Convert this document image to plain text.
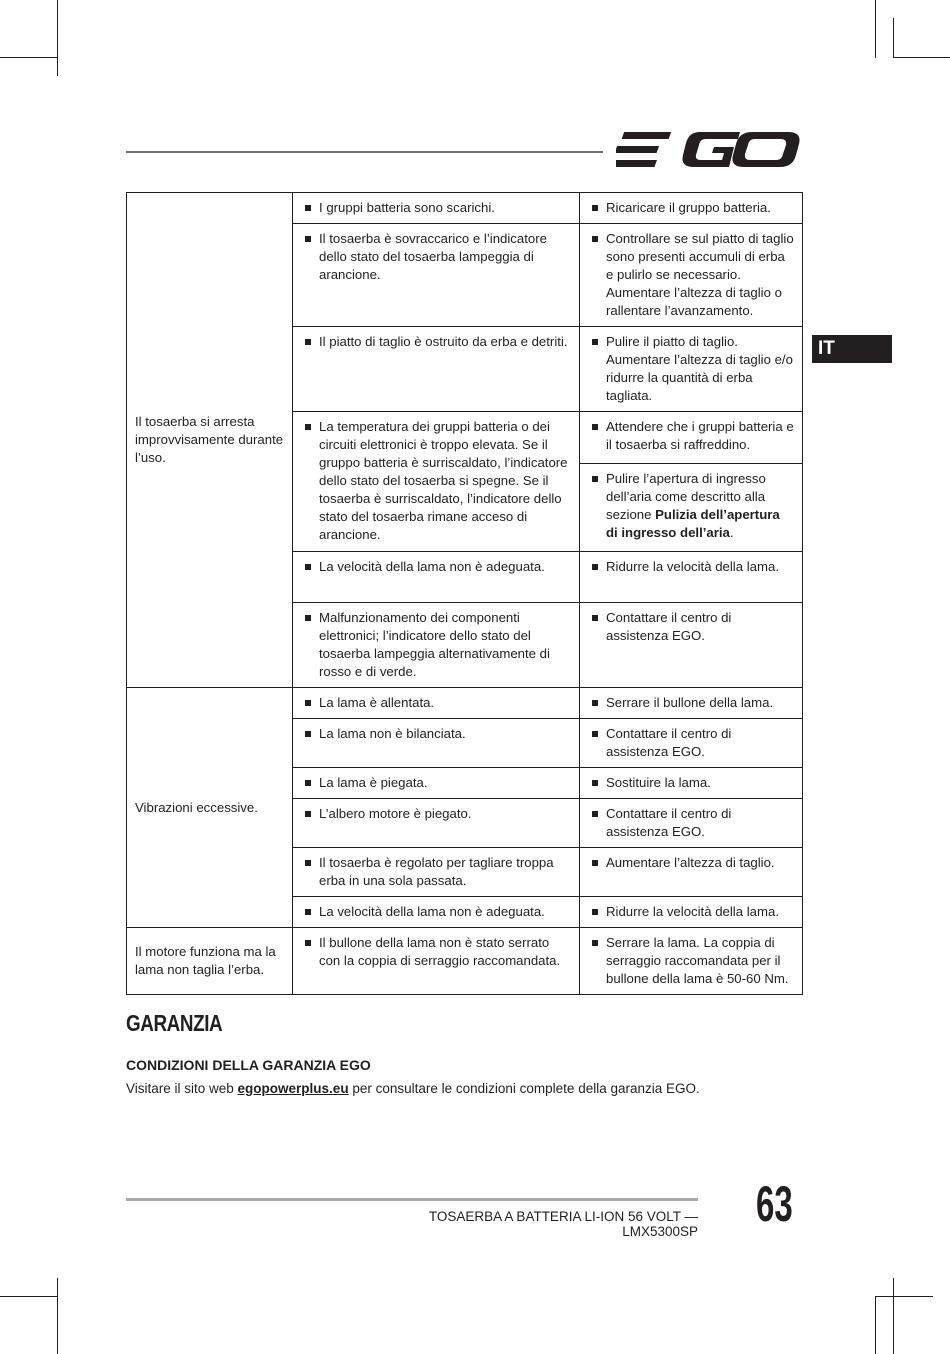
IT
Il tosaerba si arresta improvvisamente durante l’uso.	I gruppi batteria sono scarichi.	Ricaricare il gruppo batteria.

	Il tosaerba è sovraccarico e l’indicatore dello stato del tosaerba lampeggia di arancione.	Controllare se sul piatto di taglio sono presenti accumuli di erba e pulirlo se necessario. Aumentare l’altezza di taglio o rallentare l’avanzamento.

	Il piatto di taglio è ostruito da erba e detriti.	Pulire il piatto di taglio. Aumentare l’altezza di taglio e/o ridurre la quantità di erba tagliata.

	La temperatura dei gruppi batteria o dei circuiti elettronici è troppo elevata. Se il gruppo batteria è surriscaldato, l’indicatore dello stato del tosaerba si spegne. Se il tosaerba è surriscaldato, l’indicatore dello stato del tosaerba rimane acceso di arancione.	Attendere che i gruppi batteria e il tosaerba si raffreddino.

		Pulire l’apertura di ingresso dell’aria come descritto alla sezione Pulizia dell’apertura di ingresso dell’aria.

	La velocità della lama non è adeguata.	Ridurre la velocità della lama.

	Malfunzionamento dei componenti elettronici; l’indicatore dello stato del tosaerba lampeggia alternativamente di rosso e di verde.	Contattare il centro di assistenza EGO.

Vibrazioni eccessive.	La lama è allentata.	Serrare il bullone della lama.

	La lama non è bilanciata.	Contattare il centro di assistenza EGO.

	La lama è piegata.	Sostituire la lama.

	L’albero motore è piegato.	Contattare il centro di assistenza EGO.

	Il tosaerba è regolato per tagliare troppa erba in una sola passata.	Aumentare l’altezza di taglio.

	La velocità della lama non è adeguata.	Ridurre la velocità della lama.

Il motore funziona ma la lama non taglia l’erba.	Il bullone della lama non è stato serrato con la coppia di serraggio raccomandata.	Serrare la lama. La coppia di serraggio raccomandata per il bullone della lama è 50-60 Nm.
GARANZIA
CONDIZIONI DELLA GARANZIA EGO

Visitare il sito web egopowerplus.eu per consultare le condizioni complete della garanzia EGO.

TOSAERBA A BATTERIA LI-ION 56 VOLT — LMX5300SP 63
